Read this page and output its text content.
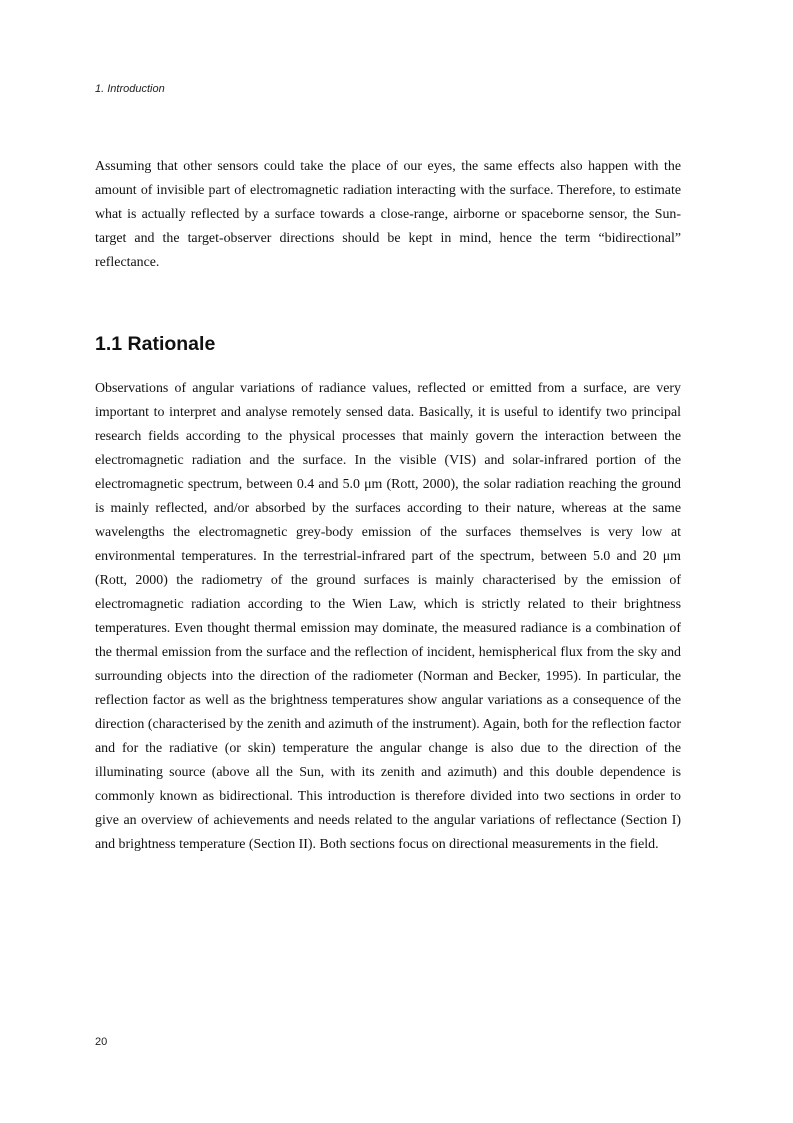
1. Introduction

Assuming that other sensors could take the place of our eyes, the same effects also happen with the amount of invisible part of electromagnetic radiation interacting with the surface. Therefore, to estimate what is actually reflected by a surface towards a close-range, airborne or spaceborne sensor, the Sun-target and the target-observer directions should be kept in mind, hence the term “bidirectional” reflectance.

1.1 Rationale

Observations of angular variations of radiance values, reflected or emitted from a surface, are very important to interpret and analyse remotely sensed data. Basically, it is useful to identify two principal research fields according to the physical processes that mainly govern the interaction between the electromagnetic radiation and the surface. In the visible (VIS) and solar-infrared portion of the electromagnetic spectrum, between 0.4 and 5.0 μm (Rott, 2000), the solar radiation reaching the ground is mainly reflected, and/or absorbed by the surfaces according to their nature, whereas at the same wavelengths the electromagnetic grey-body emission of the surfaces themselves is very low at environmental temperatures. In the terrestrial-infrared part of the spectrum, between 5.0 and 20 μm (Rott, 2000) the radiometry of the ground surfaces is mainly characterised by the emission of electromagnetic radiation according to the Wien Law, which is strictly related to their brightness temperatures. Even thought thermal emission may dominate, the measured radiance is a combination of the thermal emission from the surface and the reflection of incident, hemispherical flux from the sky and surrounding objects into the direction of the radiometer (Norman and Becker, 1995). In particular, the reflection factor as well as the brightness temperatures show angular variations as a consequence of the direction (characterised by the zenith and azimuth of the instrument). Again, both for the reflection factor and for the radiative (or skin) temperature the angular change is also due to the direction of the illuminating source (above all the Sun, with its zenith and azimuth) and this double dependence is commonly known as bidirectional. This introduction is therefore divided into two sections in order to give an overview of achievements and needs related to the angular variations of reflectance (Section I) and brightness temperature (Section II). Both sections focus on directional measurements in the field.

20
